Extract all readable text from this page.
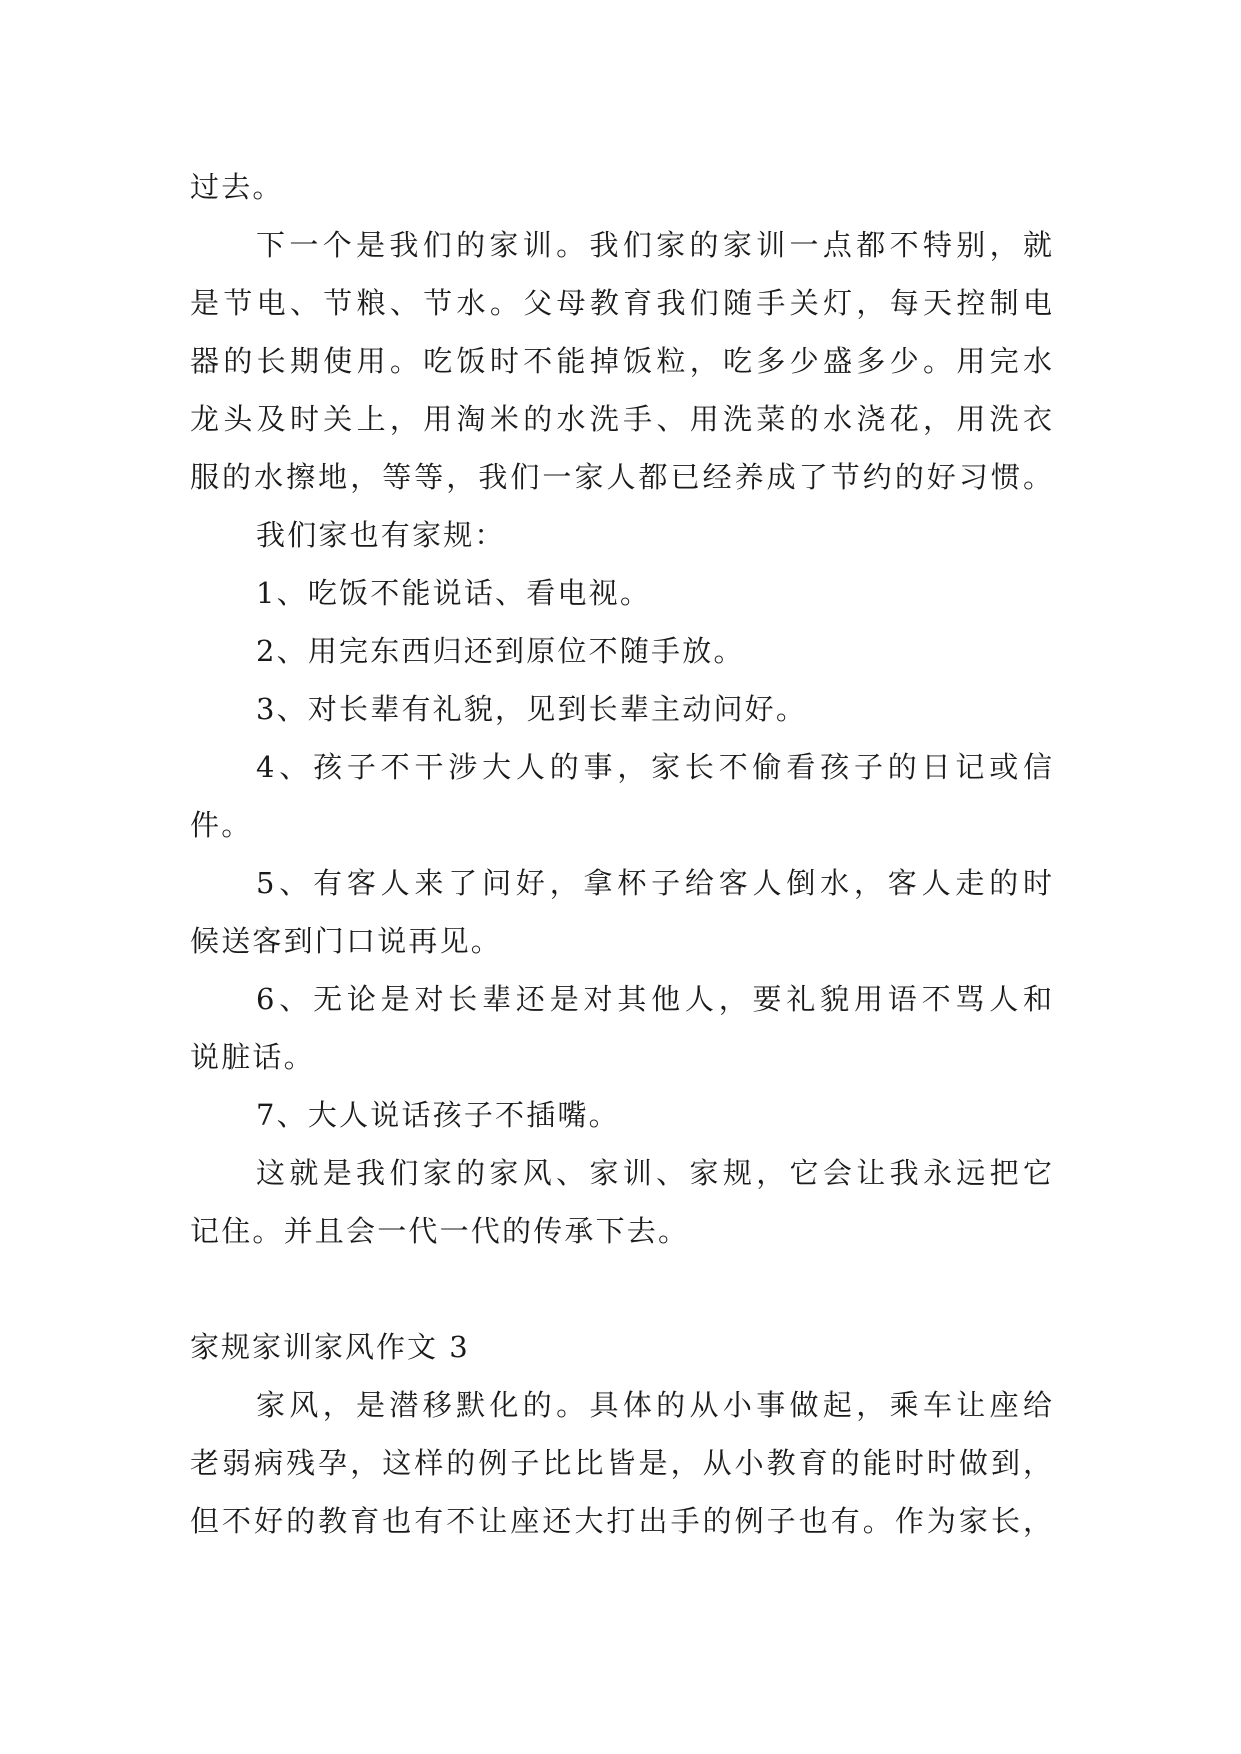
过去。
下一个是我们的家训。我们家的家训一点都不特别，就
是节电、节粮、节水。父母教育我们随手关灯，每天控制电
器的长期使用。吃饭时不能掉饭粒，吃多少盛多少。用完水
龙头及时关上，用淘米的水洗手、用洗菜的水浇花，用洗衣
服的水擦地，等等，我们一家人都已经养成了节约的好习惯。
我们家也有家规：
1、吃饭不能说话、看电视。
2、用完东西归还到原位不随手放。
3、对长辈有礼貌，见到长辈主动问好。
4、孩子不干涉大人的事，家长不偷看孩子的日记或信
件。
5、有客人来了问好，拿杯子给客人倒水，客人走的时
候送客到门口说再见。
6、无论是对长辈还是对其他人，要礼貌用语不骂人和
说脏话。
7、大人说话孩子不插嘴。
这就是我们家的家风、家训、家规，它会让我永远把它
记住。并且会一代一代的传承下去。
家规家训家风作文 3
家风，是潜移默化的。具体的从小事做起，乘车让座给
老弱病残孕，这样的例子比比皆是，从小教育的能时时做到，
但不好的教育也有不让座还大打出手的例子也有。作为家长，
